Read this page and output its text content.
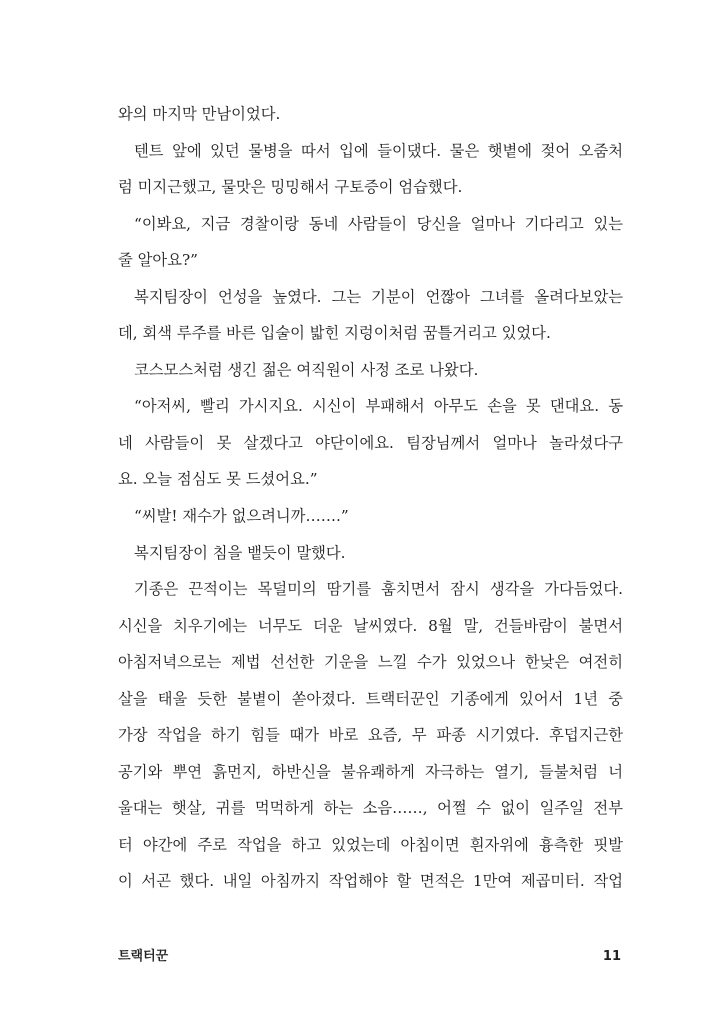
와의 마지막 만남이었다.
텐트 앞에 있던 물병을 따서 입에 들이댔다. 물은 햇볕에 젖어 오줌처
럼 미지근했고, 물맛은 밍밍해서 구토증이 엄습했다.
“이봐요, 지금 경찰이랑 동네 사람들이 당신을 얼마나 기다리고 있는
줄 알아요?”
복지팀장이 언성을 높였다. 그는 기분이 언짢아 그녀를 올려다보았는
데, 회색 루주를 바른 입술이 밟힌 지렁이처럼 꿈틀거리고 있었다.
코스모스처럼 생긴 젊은 여직원이 사정 조로 나왔다.
“아저씨, 빨리 가시지요. 시신이 부패해서 아무도 손을 못 댄대요. 동
네 사람들이 못 살겠다고 야단이에요. 팀장님께서 얼마나 놀라셨다구
요. 오늘 점심도 못 드셨어요.”
“씨발! 재수가 없으려니까…….”
복지팀장이 침을 뱉듯이 말했다.
기종은 끈적이는 목덜미의 땀기를 훔치면서 잠시 생각을 가다듬었다.
시신을 치우기에는 너무도 더운 날씨였다. 8월 말, 건들바람이 불면서
아침저녁으로는 제법 선선한 기운을 느낄 수가 있었으나 한낮은 여전히
살을 태울 듯한 불볕이 쏟아졌다. 트랙터꾼인 기종에게 있어서 1년 중
가장 작업을 하기 힘들 때가 바로 요즘, 무 파종 시기였다. 후덥지근한
공기와 뿌연 흙먼지, 하반신을 불유쾌하게 자극하는 열기, 들불처럼 너
울대는 햇살, 귀를 먹먹하게 하는 소음……, 어쩔 수 없이 일주일 전부
터 야간에 주로 작업을 하고 있었는데 아침이면 흰자위에 흉측한 핏발
이 서곤 했다. 내일 아침까지 작업해야 할 면적은 1만여 제곱미터. 작업
트랙터꾼	11
